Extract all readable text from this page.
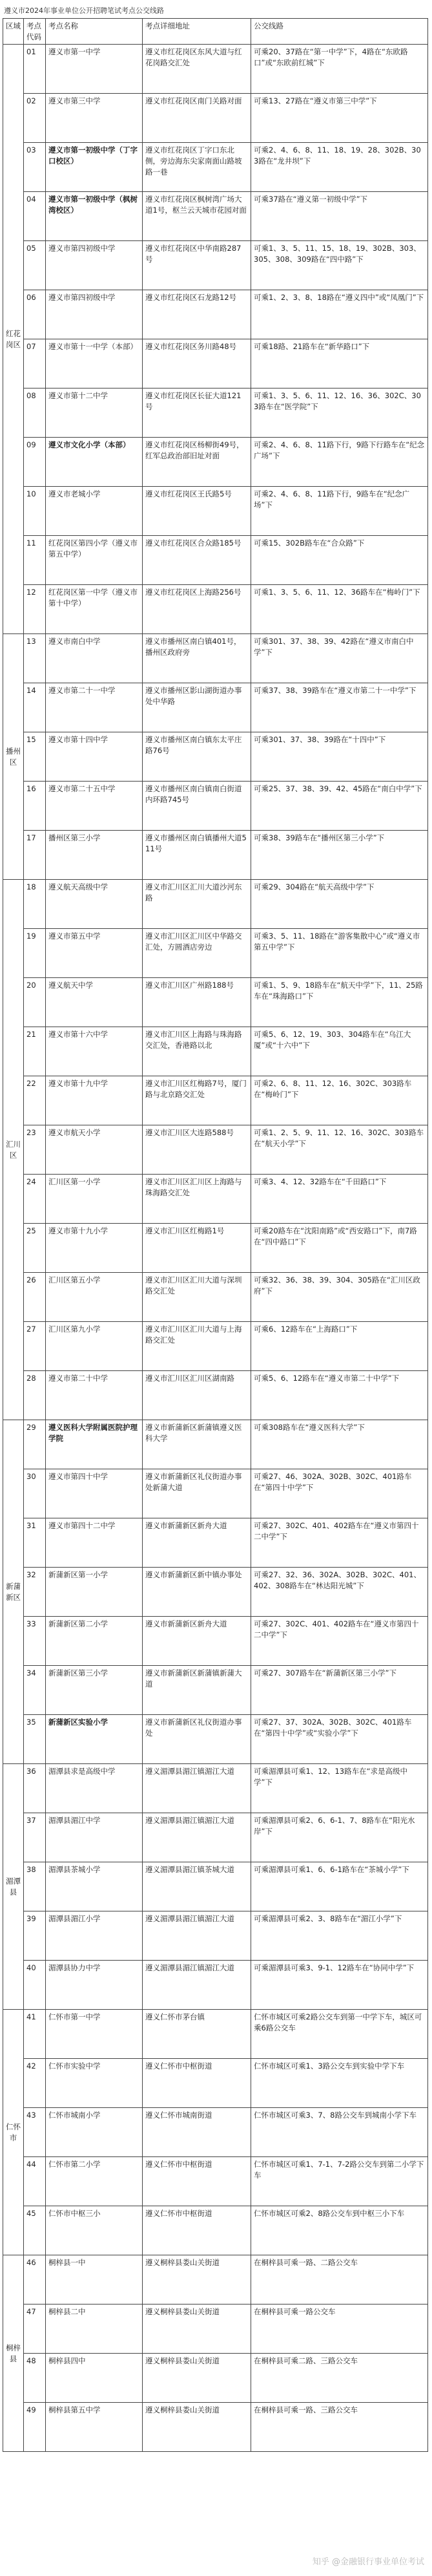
遵义市2024年事业单位公开招聘笔试考点公交线路
区域	考点代码	考点名称	考点详细地址	公交线路
红花岗区	01	遵义市第一中学	遵义市红花岗区东风大道与红花岗路交汇处	可乘20、37路在“第一中学”下，4路在“东欧路口”或“东欧前红城”下
	02	遵义市第三中学	遵义市红花岗区南门关路对面	可乘13、27路在“遵义市第三中学”下
	03	遵义市第一初级中学（丁字口校区）	遵义市红花岗区丁字口东北侧，旁边海东尖家南面山路坡路一巷	可乘2、4、6、8、11、18、19、28、302B、303路在“龙井坝”下
	04	遵义市第一初级中学（枫树湾校区）	遵义市红花岗区枫树湾广场大道1号，枢兰云天城市花园对面	可乘37路在“遵义第一初级中学”下
	05	遵义市第四初级中学	遵义市红花岗区中华南路287号	可乘1、3、5、11、15、18、19、302B、303、305、308、309路在“四中路”下
	06	遵义市第四初级中学	遵义市红花岗区石龙路12号	可乘1、2、3、8、18路在“遵义四中”或“凤凰门”下
	07	遵义市第十一中学（本部）	遵义市红花岗区务川路48号	可乘18路、21路车在“新华路口”下
	08	遵义市第十二中学	遵义市红花岗区长征大道121号	可乘1、3、5、6、11、12、16、36、302C、303路车在“医学院”下
	09	遵义市文化小学（本部）	遵义市红花岗区杨柳街49号，红军总政治部旧址对面	可乘2、4、6、8、11路下行，9路下行路车在“纪念广场”下
	10	遵义市老城小学	遵义市红花岗区王氏路5号	可乘2、4、6、8、11路下行，9路车在“纪念广场”下
	11	红花岗区第四小学（遵义市第五中学）	遵义市红花岗区合众路185号	可乘15、302B路车在“合众路”下
	12	红花岗区第一中学（遵义市第十中学）	遵义市红花岗区上海路256号	可乘1、3、5、6、11、12、36路车在“梅岭门”下
播州区	13	遵义市南白中学	遵义市播州区南白镇401号，播州区政府旁	可乘301、37、38、39、42路在“遵义市南白中学”下
	14	遵义市第二十一中学	遵义市播州区影山湖街道办事处中华路	可乘37、38、39路车在“遵义市第二十一中学”下
	15	遵义市第十四中学	遵义市播州区南白镇东太平庄路76号	可乘301、37、38、39路在“十四中”下
	16	遵义市第二十五中学	遵义市播州区南白镇南白街道内环路745号	可乘25、37、38、39、42、45路在“南白中学”下
	17	播州区第三小学	遵义市播州区南白镇播州大道511号	可乘38、39路车在“播州区第三小学”下
汇川区	18	遵义航天高级中学	遵义市汇川区汇川大道沙河东路	可乘29、304路在“航天高级中学”下
	19	遵义市第五中学	遵义市汇川区汇川区中华路交汇处，方圆酒店旁边	可乘3、5、11、18路在“游客集散中心”或“遵义市第五中学”下
	20	遵义航天中学	遵义市汇川区广州路188号	可乘1、5、9、18路车在“航天中学”下，11、25路车在“珠海路口”下
	21	遵义市第十六中学	遵义市汇川区上海路与珠海路交汇处，香港路以北	可乘5、6、12、19、303、304路车在“乌江大厦”或“十六中”下
	22	遵义市第十九中学	遵义市汇川区红梅路7号，厦门路与北京路交汇处	可乘2、6、8、11、12、16、302C、303路车在“梅岭门”下
	23	遵义市航天小学	遵义市汇川区大连路588号	可乘1、2、5、9、11、12、16、302C、303路车在“航天小学”下
	24	汇川区第一小学	遵义市汇川区汇川区上海路与珠海路交汇处	可乘3、4、12、32路车在“千田路口”下
	25	遵义市第十九小学	遵义市汇川区红梅路1号	可乘20路车在“沈阳南路”或“西安路口”下，南7路在“四中路口”下
	26	汇川区第五小学	遵义市汇川区汇川大道与深圳路交汇处	可乘32、36、38、39、304、305路在“汇川区政府”下
	27	汇川区第九小学	遵义市汇川区汇川大道与上海路交汇处	可乘6、12路车在“上海路口”下
	28	遵义市第二十中学	遵义市汇川区汇川区湖南路	可乘5、6、12路车在“遵义市第二十中学”下
新蒲新区	29	遵义医科大学附属医院护理学院	遵义市新蒲新区新蒲镇遵义医科大学	可乘308路车在“遵义医科大学”下
	30	遵义市第四十中学	遵义市新蒲新区礼仪街道办事处新蒲大道	可乘27、46、302A、302B、302C、401路车在“第四十中学”下
	31	遵义市第四十二中学	遵义市新蒲新区新舟大道	可乘27、302C、401、402路车在“遵义市第四十二中学”下
	32	新蒲新区第一小学	遵义市新蒲新区新中镇办事处	可乘27、32、36、302A、302B、302C、401、402、308路车在“林达阳光城”下
	33	新蒲新区第二小学	遵义市新蒲新区新舟大道	可乘27、302C、401、402路车在“遵义市第四十二中学”下
	34	新蒲新区第三小学	遵义市新蒲新区新蒲镇新蒲大道	可乘27、307路车在“新蒲新区第三小学”下
	35	新蒲新区实验小学	遵义市新蒲新区礼仪街道办事处	可乘27、37、302A、302B、302C、401路车在“第四十中学”或“实验小学”下
湄潭县	36	湄潭县求是高级中学	遵义湄潭县湄江镇湄江大道	可乘湄潭县可乘1、12、13路车在“求是高级中学”下
	37	湄潭县湄江中学	遵义湄潭县湄江镇湄江大道	可乘湄潭县可乘2、6、6-1、7、8路车在“阳光水岸”下
	38	湄潭县茶城小学	遵义湄潭县湄江镇茶城大道	可乘湄潭县可乘1、6、6-1路车在“茶城小学”下
	39	湄潭县湄江小学	遵义湄潭县湄江镇湄江大道	可乘湄潭县可乘2、3、8路车在“湄江小学”下
	40	湄潭县协力中学	遵义湄潭县湄江镇湄江大道	可乘湄潭县可乘3、9-1、12路车在“协同中学”下
仁怀市	41	仁怀市第一中学	遵义仁怀市茅台镇	仁怀市城区可乘2路公交车到第一中学下车，城区可乘6路公交车
	42	仁怀市实验中学	遵义仁怀市中枢街道	仁怀市城区可乘1、3路公交车到实验中学下车
	43	仁怀市城南小学	遵义仁怀市城南街道	仁怀市城区可乘3、7、8路公交车到城南小学下车
	44	仁怀市第二小学	遵义仁怀市中枢街道	仁怀市城区可乘1、7-1、7-2路公交车到第二小学下车
	45	仁怀市中枢三小	遵义仁怀市中枢街道	仁怀市城区可乘2、8路公交车到中枢三小下车
桐梓县	46	桐梓县一中	遵义桐梓县娄山关街道	在桐梓县可乘一路、二路公交车
	47	桐梓县二中	遵义桐梓县娄山关街道	在桐梓县可乘一路公交车
	48	桐梓县四中	遵义桐梓县娄山关街道	在桐梓县可乘二路、三路公交车
	49	桐梓县第五中学	遵义桐梓县娄山关街道	在桐梓县可乘一路、三路公交车
知乎 @金融银行事业单位考试
